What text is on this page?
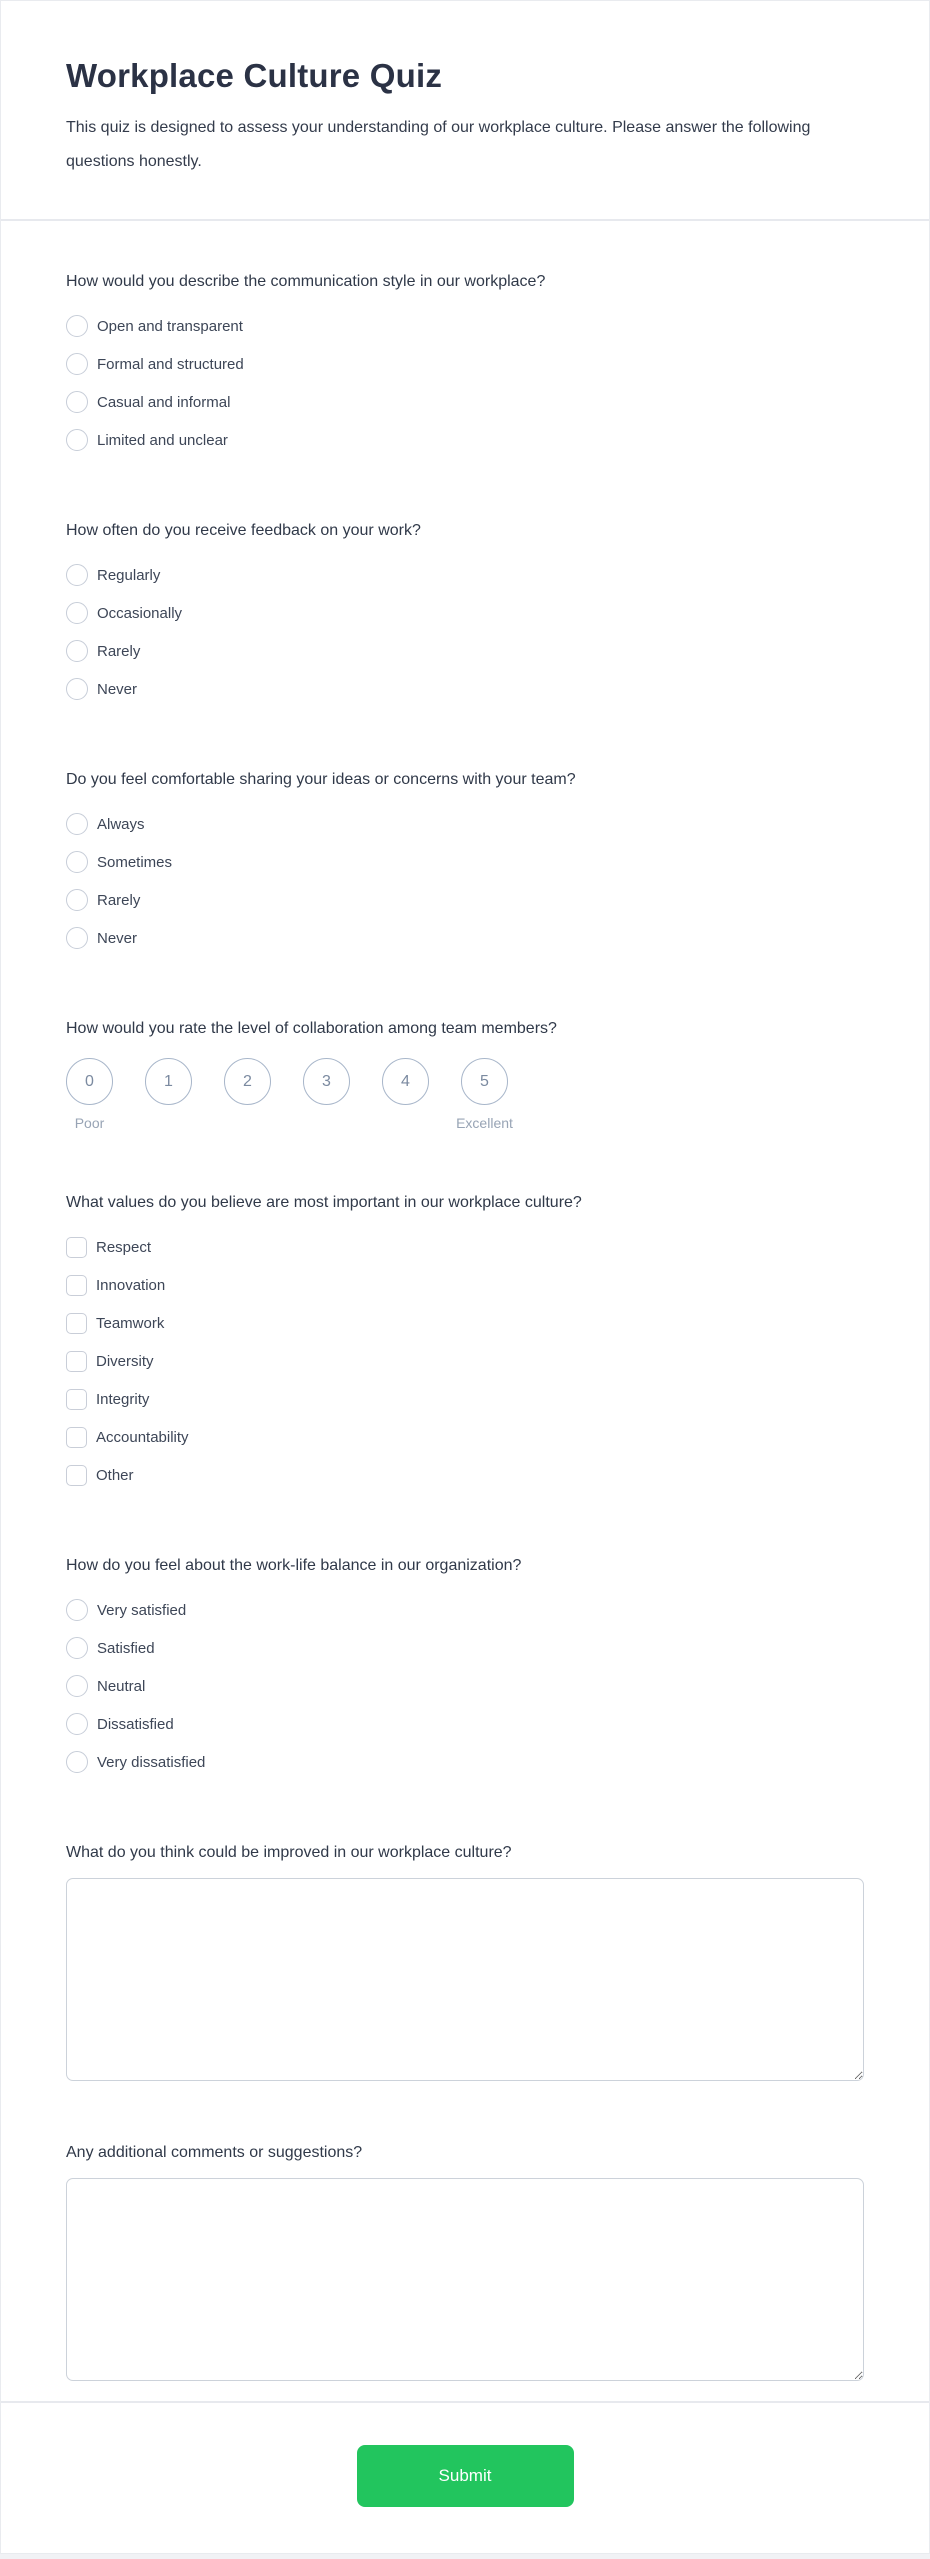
Workplace Culture Quiz
This quiz is designed to assess your understanding of our workplace culture. Please answer the following questions honestly.
How would you describe the communication style in our workplace?
Open and transparent
Formal and structured
Casual and informal
Limited and unclear
How often do you receive feedback on your work?
Regularly
Occasionally
Rarely
Never
Do you feel comfortable sharing your ideas or concerns with your team?
Always
Sometimes
Rarely
Never
How would you rate the level of collaboration among team members?
0	1	2	3	4	5
Poor	Excellent
What values do you believe are most important in our workplace culture?
Respect
Innovation
Teamwork
Diversity
Integrity
Accountability
Other
How do you feel about the work-life balance in our organization?
Very satisfied
Satisfied
Neutral
Dissatisfied
Very dissatisfied
What do you think could be improved in our workplace culture?
Any additional comments or suggestions?
Submit
